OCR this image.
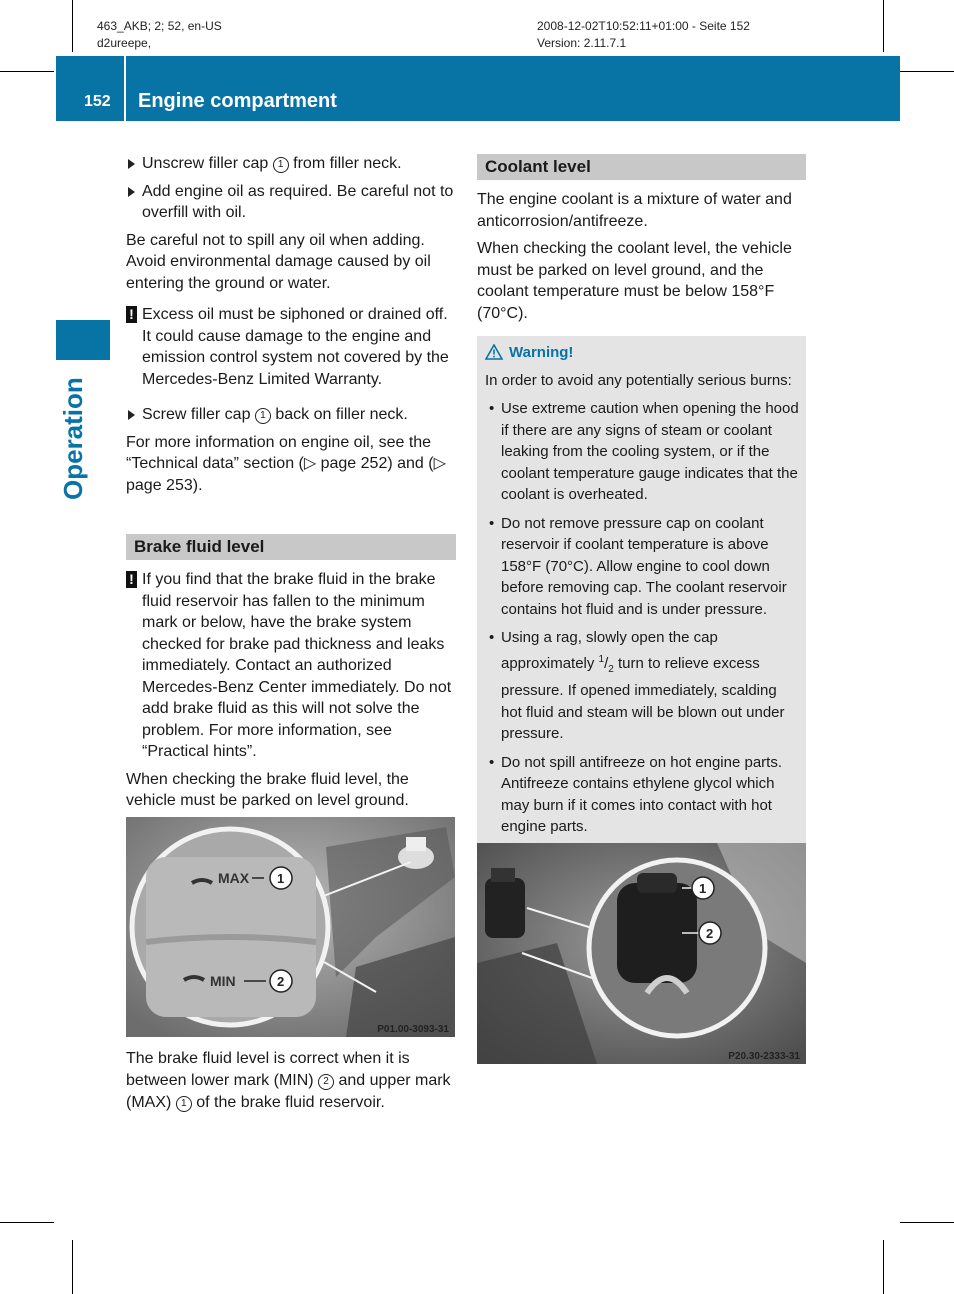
463_AKB; 2; 52, en-US
d2ureepe,
2008-12-02T10:52:11+01:00 - Seite 152
Version: 2.11.7.1
152 Engine compartment
Operation
Unscrew filler cap 1 from filler neck.
Add engine oil as required. Be careful not to overfill with oil.

Be careful not to spill any oil when adding. Avoid environmental damage caused by oil entering the ground or water.

! Excess oil must be siphoned or drained off. It could cause damage to the engine and emission control system not covered by the Mercedes-Benz Limited Warranty.
Screw filler cap 1 back on filler neck.

For more information on engine oil, see the “Technical data” section (▷ page 252) and (▷ page 253).

Brake fluid level
! If you find that the brake fluid in the brake fluid reservoir has fallen to the minimum mark or below, have the brake system checked for brake pad thickness and leaks immediately. Contact an authorized Mercedes-Benz Center immediately. Do not add brake fluid as this will not solve the problem. For more information, see “Practical hints”.

When checking the brake fluid level, the vehicle must be parked on level ground.

MAX
MIN
1
2
P01.00-3093-31

The brake fluid level is correct when it is between lower mark (MIN) 2 and upper mark (MAX) 1 of the brake fluid reservoir.

Coolant level

The engine coolant is a mixture of water and anticorrosion/antifreeze.

When checking the coolant level, the vehicle must be parked on level ground, and the coolant temperature must be below 158°F (70°C).

Warning!
In order to avoid any potentially serious burns:
• Use extreme caution when opening the hood if there are any signs of steam or coolant leaking from the cooling system, or if the coolant temperature gauge indicates that the coolant is overheated.
• Do not remove pressure cap on coolant reservoir if coolant temperature is above 158°F (70°C). Allow engine to cool down before removing cap. The coolant reservoir contains hot fluid and is under pressure.
• Using a rag, slowly open the cap approximately $^1/_2$ turn to relieve excess pressure. If opened immediately, scalding hot fluid and steam will be blown out under pressure.
• Do not spill antifreeze on hot engine parts. Antifreeze contains ethylene glycol which may burn if it comes into contact with hot engine parts.
1
2
P20.30-2333-31
